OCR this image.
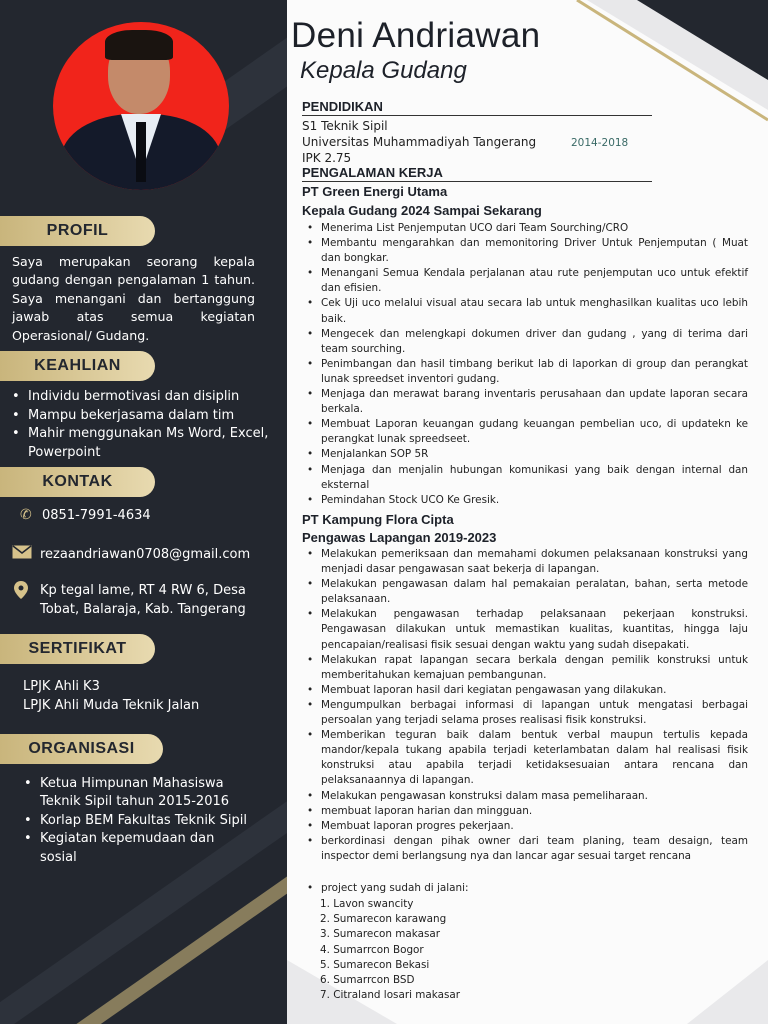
PROFIL

Saya merupakan seorang kepala gudang dengan pengalaman 1 tahun. Saya menangani dan bertanggung jawab atas semua kegiatan Operasional/ Gudang.

KEAHLIAN
• Individu bermotivasi dan disiplin
• Mampu bekerjasama dalam tim
• Mahir menggunakan Ms Word, Excel, Powerpoint
KONTAK
✆ 0851-7991-4634
rezaandriawan0708@gmail.com
Kp tegal lame, RT 4 RW 6, Desa Tobat, Balaraja, Kab. Tangerang
SERTIFIKAT
LPJK Ahli K3
LPJK Ahli Muda Teknik Jalan
ORGANISASI
• Ketua Himpunan Mahasiswa Teknik Sipil tahun 2015-2016
• Korlap BEM Fakultas Teknik Sipil
• Kegiatan kepemudaan dan sosial
Deni Andriawan
Kepala Gudang
PENDIDIKAN
S1 Teknik Sipil
Universitas Muhammadiyah Tangerang
IPK 2.75
2014-2018
PENGALAMAN KERJA
PT Green Energi Utama
Kepala Gudang 2024 Sampai Sekarang
• Menerima List Penjemputan UCO dari Team Sourching/CRO
• Membantu mengarahkan dan memonitoring Driver Untuk Penjemputan ( Muat dan bongkar.
• Menangani Semua Kendala perjalanan atau rute penjemputan uco untuk efektif dan efisien.
• Cek Uji uco melalui visual atau secara lab untuk menghasilkan kualitas uco lebih baik.
• Mengecek dan melengkapi dokumen driver dan gudang , yang di terima dari team sourching.
• Penimbangan dan hasil timbang berikut lab di laporkan di group dan perangkat lunak spreedset inventori gudang.
• Menjaga dan merawat barang inventaris perusahaan dan update laporan secara berkala.
• Membuat Laporan keuangan gudang keuangan pembelian uco, di updatekn ke perangkat lunak spreedseet.
• Menjalankan SOP 5R
• Menjaga dan menjalin hubungan komunikasi yang baik dengan internal dan eksternal
• Pemindahan Stock UCO Ke Gresik.
PT Kampung Flora Cipta
Pengawas Lapangan 2019-2023
• Melakukan pemeriksaan dan memahami dokumen pelaksanaan konstruksi yang menjadi dasar pengawasan saat bekerja di lapangan.
• Melakukan pengawasan dalam hal pemakaian peralatan, bahan, serta metode pelaksanaan.
• Melakukan pengawasan terhadap pelaksanaan pekerjaan konstruksi. Pengawasan dilakukan untuk memastikan kualitas, kuantitas, hingga laju pencapaian/realisasi fisik sesuai dengan waktu yang sudah disepakati.
• Melakukan rapat lapangan secara berkala dengan pemilik konstruksi untuk memberitahukan kemajuan pembangunan.
• Membuat laporan hasil dari kegiatan pengawasan yang dilakukan.
• Mengumpulkan berbagai informasi di lapangan untuk mengatasi berbagai persoalan yang terjadi selama proses realisasi fisik konstruksi.
• Memberikan teguran baik dalam bentuk verbal maupun tertulis kepada mandor/kepala tukang apabila terjadi keterlambatan dalam hal realisasi fisik konstruksi atau apabila terjadi ketidaksesuaian antara rencana dan pelaksanaannya di lapangan.
• Melakukan pengawasan konstruksi dalam masa pemeliharaan.
• membuat laporan harian dan mingguan.
• Membuat laporan progres pekerjaan.
• berkordinasi dengan pihak owner dari team planing, team desaign, team inspector demi berlangsung nya dan lancar agar sesuai target rencana
• project yang sudah di jalani:
1. Lavon swancity
2. Sumarecon karawang
3. Sumarecon makasar
4. Sumarrcon Bogor
5. Sumarecon Bekasi
6. Sumarrcon BSD
7. Citraland losari makasar
